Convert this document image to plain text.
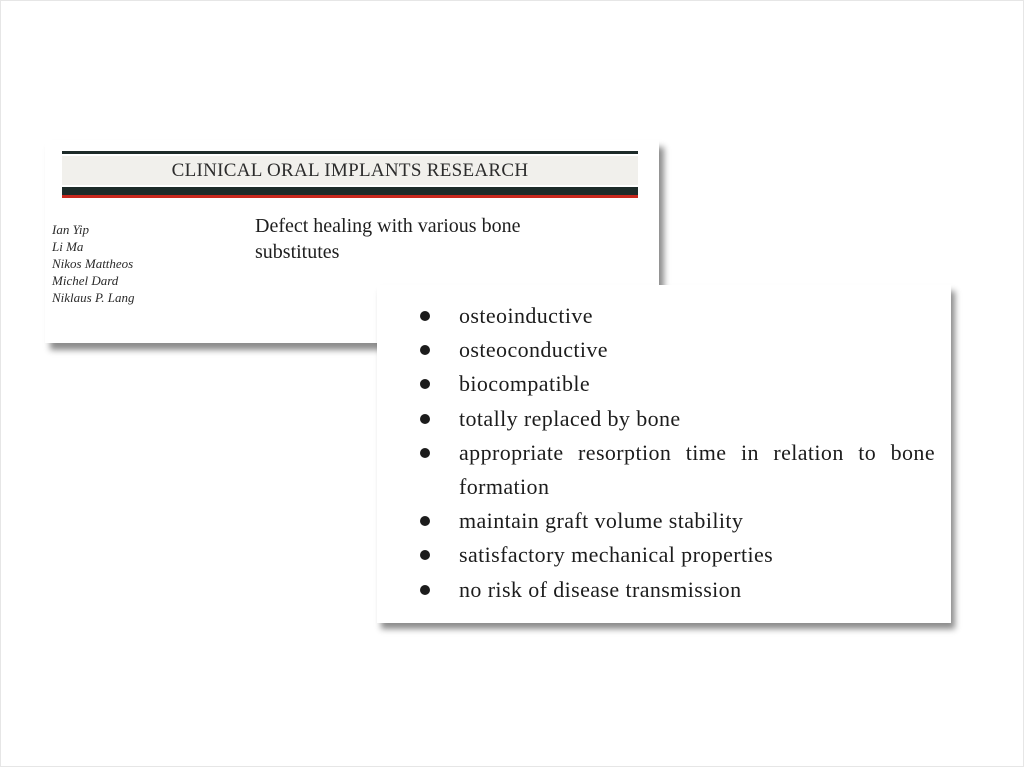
CLINICAL ORAL IMPLANTS RESEARCH
Ian Yip
Li Ma
Nikos Mattheos
Michel Dard
Niklaus P. Lang
Defect healing with various bone
substitutes
osteoinductive
osteoconductive
biocompatible
totally replaced by bone
appropriate resorption time in relation to bone formation
maintain graft volume stability
satisfactory mechanical properties
no risk of disease transmission
